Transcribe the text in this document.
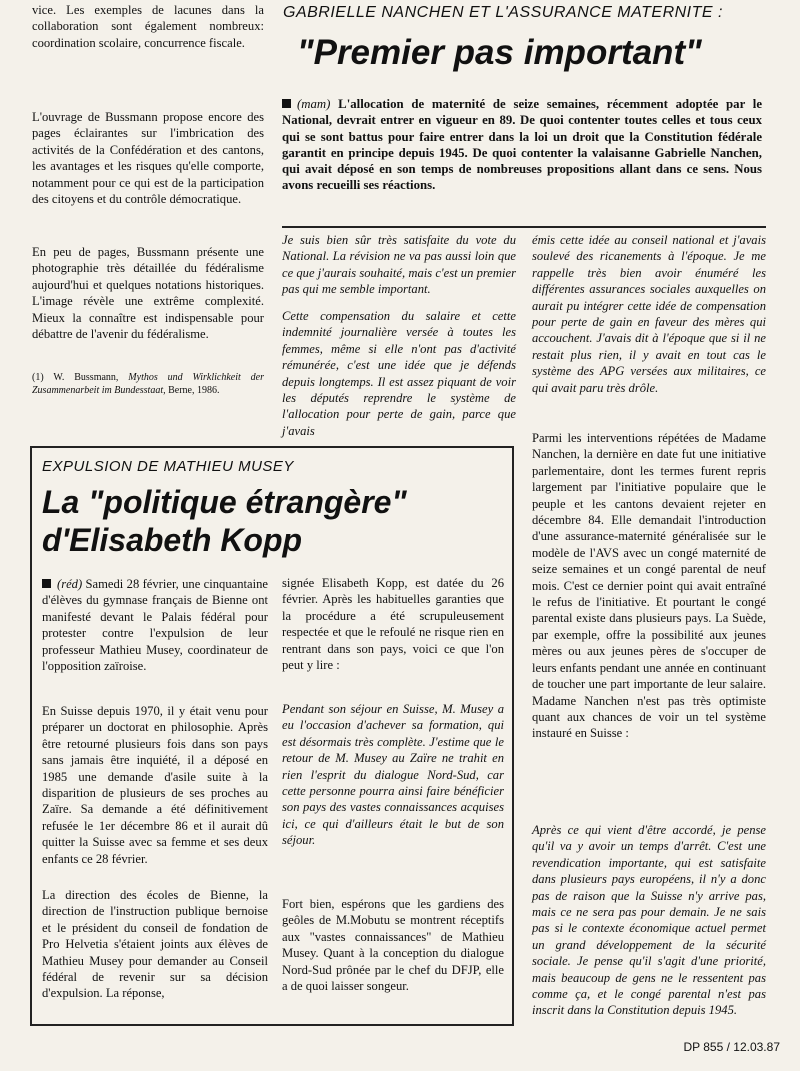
vice. Les exemples de lacunes dans la collaboration sont également nombreux: coordination scolaire, concurrence fiscale.

L'ouvrage de Bussmann propose encore des pages éclairantes sur l'imbrication des activités de la Confédération et des cantons, les avantages et les risques qu'elle comporte, notamment pour ce qui est de la participation des citoyens et du contrôle démocratique.

En peu de pages, Bussmann présente une photographie très détaillée du fédéralisme aujourd'hui et quelques notations historiques. L'image révèle une extrême complexité. Mieux la connaître est indispensable pour débattre de l'avenir du fédéralisme.

(1) W. Bussmann, Mythos und Wirklichkeit der Zusammenarbeit im Bundesstaat, Berne, 1986.

GABRIELLE NANCHEN ET L'ASSURANCE MATERNITE :
"Premier pas important"

(mam) L'allocation de maternité de seize semaines, récemment adoptée par le National, devrait entrer en vigueur en 89. De quoi contenter toutes celles et tous ceux qui se sont battus pour faire entrer dans la loi un droit que la Constitution fédérale garantit en principe depuis 1945. De quoi contenter la valaisanne Gabrielle Nanchen, qui avait déposé en son temps de nombreuses propositions allant dans ce sens. Nous avons recueilli ses réactions.

Je suis bien sûr très satisfaite du vote du National. La révision ne va pas aussi loin que ce que j'aurais souhaité, mais c'est un premier pas qui me semble important.

Cette compensation du salaire et cette indemnité journalière versée à toutes les femmes, même si elle n'ont pas d'activité rémunérée, c'est une idée que je défends depuis longtemps. Il est assez piquant de voir les députés reprendre le système de l'allocation pour perte de gain, parce que j'avais

émis cette idée au conseil national et j'avais soulevé des ricanements à l'époque. Je me rappelle très bien avoir énuméré les différentes assurances sociales auxquelles on aurait pu intégrer cette idée de compensation pour perte de gain en faveur des mères qui accouchent. J'avais dit à l'époque que si il ne restait plus rien, il y avait en tout cas le système des APG versées aux militaires, ce qui avait paru très drôle.

Parmi les interventions répétées de Madame Nanchen, la dernière en date fut une initiative parlementaire, dont les termes furent repris largement par l'initiative populaire que le peuple et les cantons devaient rejeter en décembre 84. Elle demandait l'introduction d'une assurance-maternité généralisée sur le modèle de l'AVS avec un congé maternité de seize semaines et un congé parental de neuf mois. C'est ce dernier point qui avait entraîné le refus de l'initiative. Et pourtant le congé parental existe dans plusieurs pays. La Suède, par exemple, offre la possibilité aux jeunes mères ou aux jeunes pères de s'occuper de leurs enfants pendant une année en continuant de toucher une part importante de leur salaire. Madame Nanchen n'est pas très optimiste quant aux chances de voir un tel système instauré en Suisse :

Après ce qui vient d'être accordé, je pense qu'il va y avoir un temps d'arrêt. C'est une revendication importante, qui est satisfaite dans plusieurs pays européens, il n'y a donc pas de raison que la Suisse n'y arrive pas, mais ce ne sera pas pour demain. Je ne sais pas si le contexte économique actuel permet un grand développement de la sécurité sociale. Je pense qu'il s'agit d'une priorité, mais beaucoup de gens ne le ressentent pas comme ça, et le congé parental n'est pas inscrit dans la Constitution depuis 1945.

EXPULSION DE MATHIEU MUSEY
La "politique étrangère"
d'Elisabeth Kopp

(réd) Samedi 28 février, une cinquantaine d'élèves du gymnase français de Bienne ont manifesté devant le Palais fédéral pour protester contre l'expulsion de leur professeur Mathieu Musey, coordinateur de l'opposition zaïroise.

En Suisse depuis 1970, il y était venu pour préparer un doctorat en philosophie. Après être retourné plusieurs fois dans son pays sans jamais être inquiété, il a déposé en 1985 une demande d'asile suite à la disparition de plusieurs de ses proches au Zaïre. Sa demande a été définitivement refusée le 1er décembre 86 et il aurait dû quitter la Suisse avec sa femme et ses deux enfants ce 28 février.

La direction des écoles de Bienne, la direction de l'instruction publique bernoise et le président du conseil de fondation de Pro Helvetia s'étaient joints aux élèves de Mathieu Musey pour demander au Conseil fédéral de revenir sur sa décision d'expulsion. La réponse,

signée Elisabeth Kopp, est datée du 26 février. Après les habituelles garanties que la procédure a été scrupuleusement respectée et que le refoulé ne risque rien en rentrant dans son pays, voici ce que l'on peut y lire :

Pendant son séjour en Suisse, M. Musey a eu l'occasion d'achever sa formation, qui est désormais très complète. J'estime que le retour de M. Musey au Zaïre ne trahit en rien l'esprit du dialogue Nord-Sud, car cette personne pourra ainsi faire bénéficier son pays des vastes connaissances acquises ici, ce qui d'ailleurs était le but de son séjour.

Fort bien, espérons que les gardiens des geôles de M.Mobutu se montrent réceptifs aux "vastes connaissances" de Mathieu Musey. Quant à la conception du dialogue Nord-Sud prônée par le chef du DFJP, elle a de quoi laisser songeur.

DP 855 / 12.03.87
